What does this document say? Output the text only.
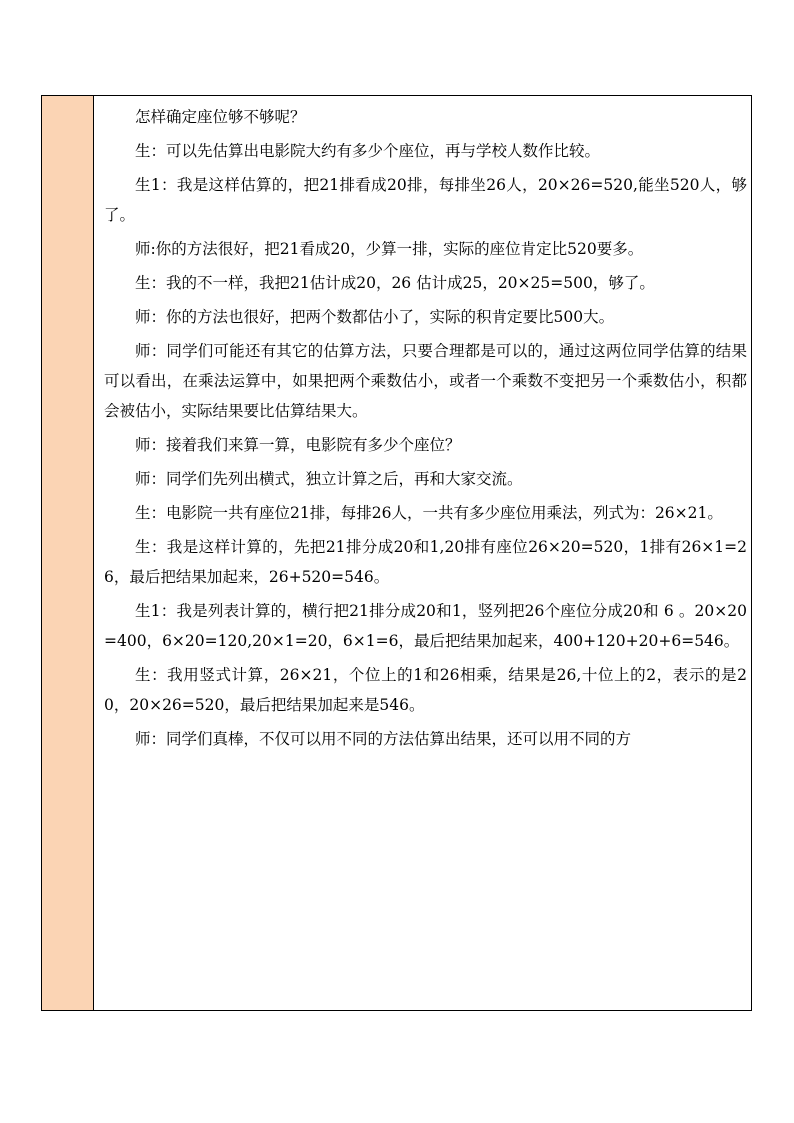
怎样确定座位够不够呢？

生：可以先估算出电影院大约有多少个座位，再与学校人数作比较。

生1：我是这样估算的，把21排看成20排，每排坐26人，20×26=520,能坐520人，够了。

师:你的方法很好，把21看成20，少算一排，实际的座位肯定比520要多。

生：我的不一样，我把21估计成20，26 估计成25，20×25=500，够了。

师：你的方法也很好，把两个数都估小了，实际的积肯定要比500大。

师：同学们可能还有其它的估算方法，只要合理都是可以的，通过这两位同学估算的结果可以看出，在乘法运算中，如果把两个乘数估小，或者一个乘数不变把另一个乘数估小，积都会被估小，实际结果要比估算结果大。

师：接着我们来算一算，电影院有多少个座位？

师：同学们先列出横式，独立计算之后，再和大家交流。

生：电影院一共有座位21排，每排26人，一共有多少座位用乘法，列式为：26×21。

生：我是这样计算的，先把21排分成20和1,20排有座位26×20=520，1排有26×1=26，最后把结果加起来，26+520=546。

生1：我是列表计算的，横行把21排分成20和1，竖列把26个座位分成20和 6 。20×20=400，6×20=120,20×1=20，6×1=6，最后把结果加起来，400+120+20+6=546。

生：我用竖式计算，26×21，个位上的1和26相乘，结果是26,十位上的2，表示的是20，20×26=520，最后把结果加起来是546。

师：同学们真棒，不仅可以用不同的方法估算出结果，还可以用不同的方
